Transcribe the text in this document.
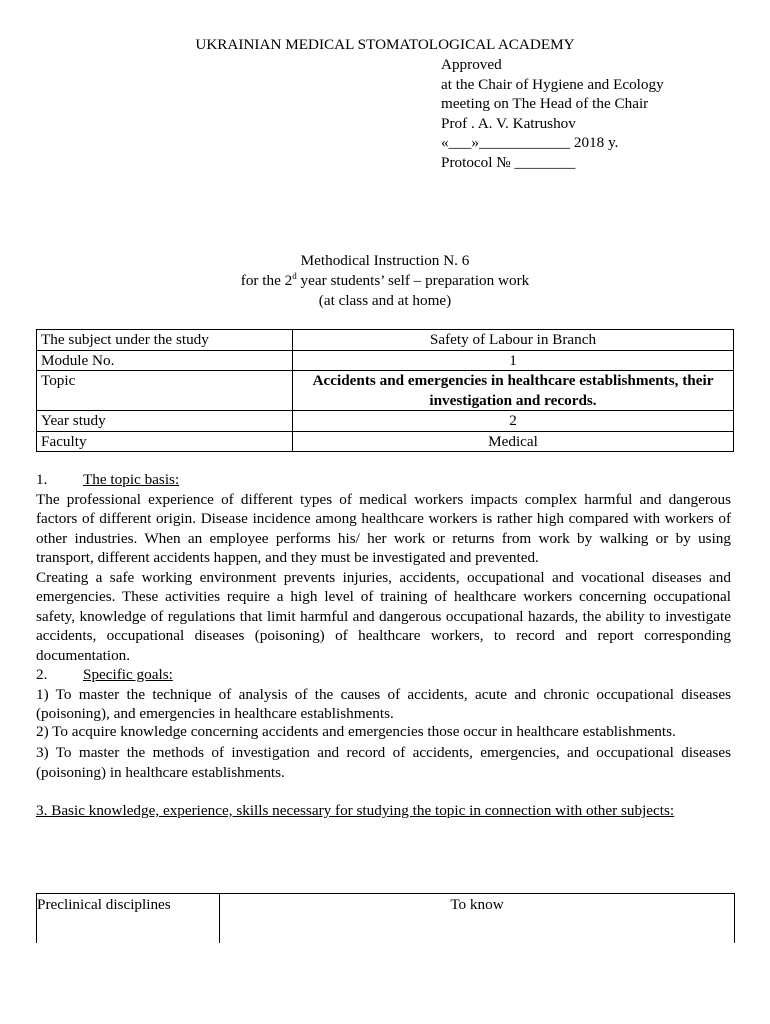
UKRAINIAN MEDICAL STOMATOLOGICAL ACADEMY
Approved
at the Chair of Hygiene and Ecology
meeting on The Head of the Chair
Prof . A. V. Katrushov
«___»____________ 2018 y.
Protocol № ________
Methodical Instruction N. 6
for the 2$^d$ year students’ self – preparation work
(at class and at home)
The subject under the study	Safety of Labour in Branch
Module No.	1
Topic	Accidents and emergencies in healthcare establishments, their investigation and records.
Year study	2
Faculty	Medical
1. The topic basis:

The professional experience of different types of medical workers impacts complex harmful and dangerous factors of different origin. Disease incidence among healthcare workers is rather high compared with workers of other industries. When an employee performs his/ her work or returns from work by walking or by using transport, different accidents happen, and they must be investigated and prevented.

Creating a safe working environment prevents injuries, accidents, occupational and vocational diseases and emergencies. These activities require a high level of training of healthcare workers concerning occupational safety, knowledge of regulations that limit harmful and dangerous occupational hazards, the ability to investigate accidents, occupational diseases (poisoning) of healthcare workers, to record and report corresponding documentation.

2. Specific goals:

1) To master the technique of analysis of the causes of accidents, acute and chronic occupational diseases (poisoning), and emergencies in healthcare establishments.

2) To acquire knowledge concerning accidents and emergencies those occur in healthcare establishments.

3) To master the methods of investigation and record of accidents, emergencies, and occupational diseases (poisoning) in healthcare establishments.

3. Basic knowledge, experience, skills necessary for studying the topic in connection with other subjects:

Preclinical disciplines	To know
